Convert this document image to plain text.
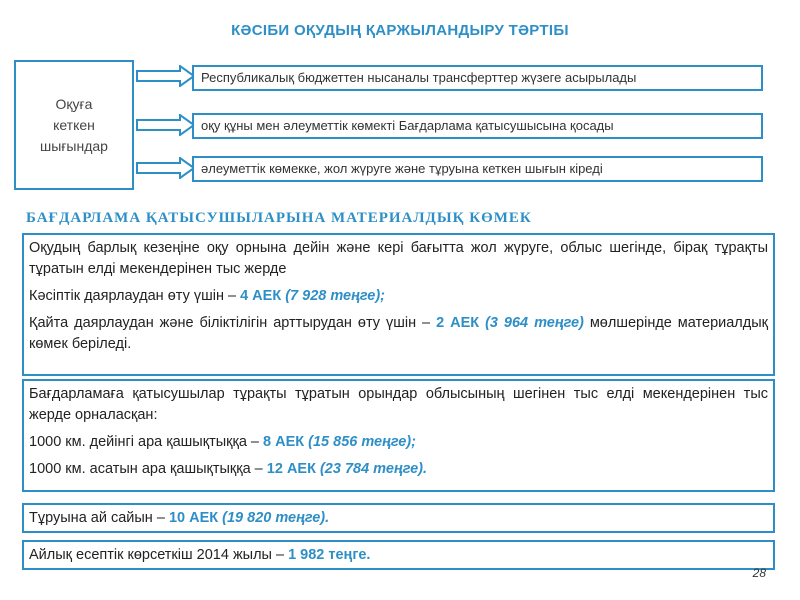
КӘСІБИ ОҚУДЫҢ ҚАРЖЫЛАНДЫРУ ТӘРТІБІ
Оқуға
кеткен
шығындар
Республикалық бюджеттен нысаналы трансферттер жүзеге асырылады
оқу құны мен әлеуметтік көмекті Бағдарлама қатысушысына қосады
әлеуметтік көмекке, жол жүруге және тұруына кеткен шығын кіреді
БАҒДАРЛАМА ҚАТЫСУШЫЛАРЫНА МАТЕРИАЛДЫҚ КӨМЕК

Оқудың барлық кезеңіне оқу орнына дейін және кері бағытта жол жүруге, облыс шегінде, бірақ тұрақты тұратын елді мекендерінен тыс жерде

Кәсіптік даярлаудан өту үшін – 4 АЕК (7 928 теңге);

Қайта даярлаудан және біліктілігін арттырудан өту үшін – 2 АЕК (3 964 теңге) мөлшерінде материалдық көмек беріледі.

Бағдарламаға қатысушылар тұрақты тұратын орындар облысының шегінен тыс елді мекендерінен тыс жерде орналасқан:

1000 км. дейінгі ара қашықтыққа – 8 АЕК (15 856 теңге);

1000 км. асатын ара қашықтыққа – 12 АЕК (23 784 теңге).

Тұруына ай сайын – 10 АЕК (19 820 теңге).

Айлық есептік көрсеткіш 2014 жылы – 1 982 теңге.

28
